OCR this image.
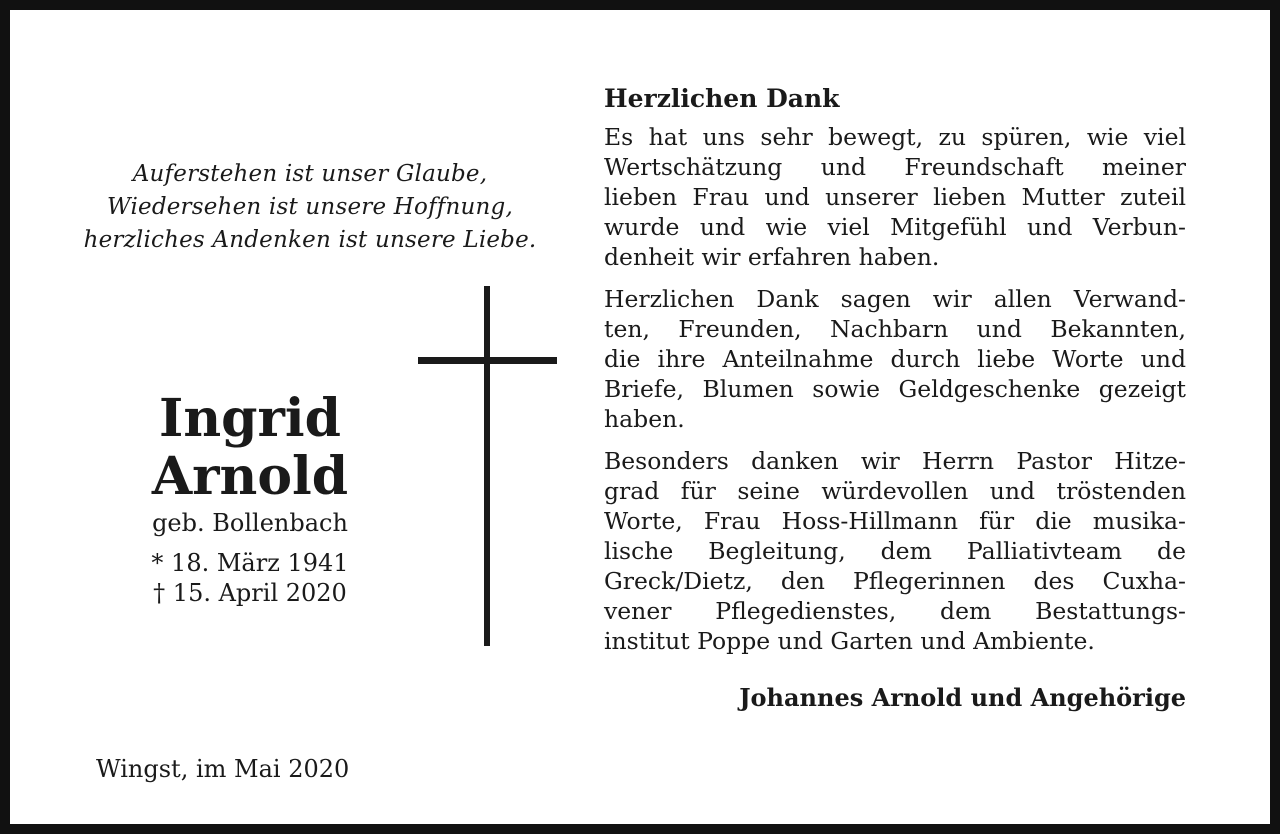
Auferstehen ist unser Glaube,
Wiedersehen ist unsere Hoffnung,
herzliches Andenken ist unsere Liebe.
Ingrid
Arnold
geb. Bollenbach
* 18. März 1941
† 15. April 2020
Wingst, im Mai 2020
Herzlichen Dank
Es hat uns sehr bewegt, zu spüren, wie viel
Wertschätzung und Freundschaft meiner
lieben Frau und unserer lieben Mutter zuteil
wurde und wie viel Mitgefühl und Verbun-
denheit wir erfahren haben.
Herzlichen Dank sagen wir allen Verwand-
ten, Freunden, Nachbarn und Bekannten,
die ihre Anteilnahme durch liebe Worte und
Briefe, Blumen sowie Geldgeschenke gezeigt
haben.
Besonders danken wir Herrn Pastor Hitze-
grad für seine würdevollen und tröstenden
Worte, Frau Hoss-Hillmann für die musika-
lische Begleitung, dem Palliativteam de
Greck/Dietz, den Pflegerinnen des Cuxha-
vener Pflegedienstes, dem Bestattungs-
institut Poppe und Garten und Ambiente.
Johannes Arnold und Angehörige
